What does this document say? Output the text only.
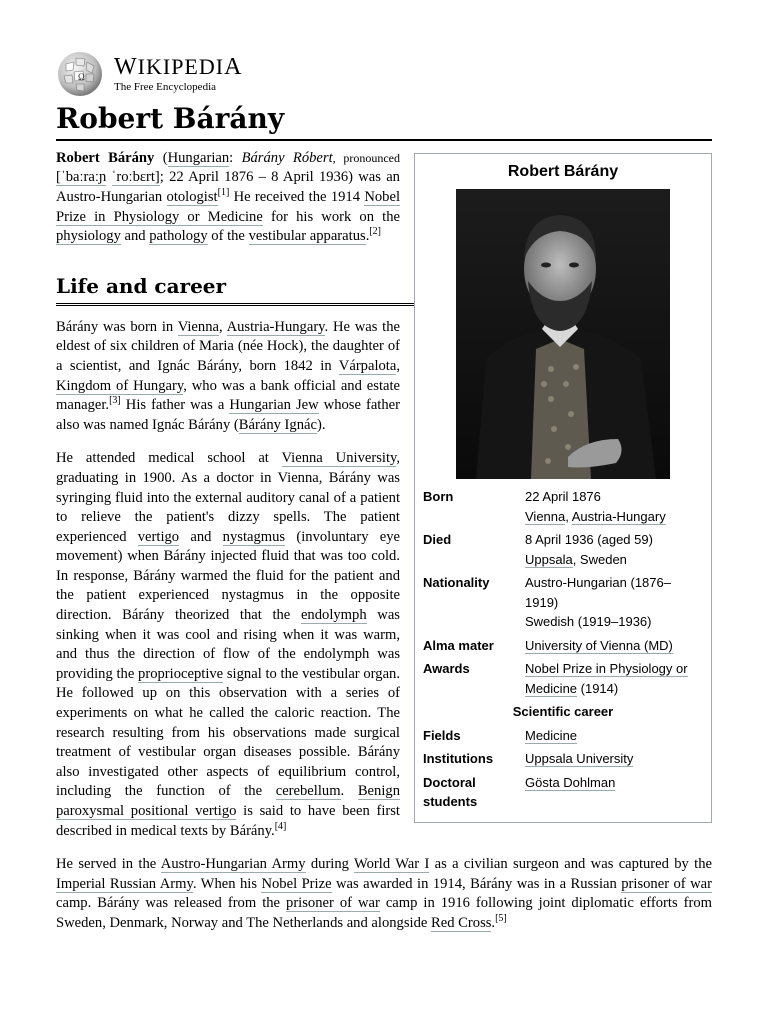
Ω WIKIPEDIA
The Free Encyclopedia
Robert Bárány
Robert Bárány
Born	22 April 1876
Vienna, Austria-Hungary
Died	8 April 1936 (aged 59)
Uppsala, Sweden
Nationality	Austro-Hungarian (1876–1919)
Swedish (1919–1936)
Alma mater	University of Vienna (MD)
Awards	Nobel Prize in Physiology or Medicine (1914)
Scientific career	
Fields	Medicine
Institutions	Uppsala University
Doctoral students	Gösta Dohlman

Robert Bárány (Hungarian: Bárány Róbert, pronounced [ˈbaːraːɲ ˈroːbɛrt]; 22 April 1876 – 8 April 1936) was an Austro-Hungarian otologist[1] He received the 1914 Nobel Prize in Physiology or Medicine for his work on the physiology and pathology of the vestibular apparatus.[2]

Life and career

Bárány was born in Vienna, Austria-Hungary. He was the eldest of six children of Maria (née Hock), the daughter of a scientist, and Ignác Bárány, born 1842 in Várpalota, Kingdom of Hungary, who was a bank official and estate manager.[3] His father was a Hungarian Jew whose father also was named Ignác Bárány (Bárány Ignác).

He attended medical school at Vienna University, graduating in 1900. As a doctor in Vienna, Bárány was syringing fluid into the external auditory canal of a patient to relieve the patient's dizzy spells. The patient experienced vertigo and nystagmus (involuntary eye movement) when Bárány injected fluid that was too cold. In response, Bárány warmed the fluid for the patient and the patient experienced nystagmus in the opposite direction. Bárány theorized that the endolymph was sinking when it was cool and rising when it was warm, and thus the direction of flow of the endolymph was providing the proprioceptive signal to the vestibular organ. He followed up on this observation with a series of experiments on what he called the caloric reaction. The research resulting from his observations made surgical treatment of vestibular organ diseases possible. Bárány also investigated other aspects of equilibrium control, including the function of the cerebellum. Benign paroxysmal positional vertigo is said to have been first described in medical texts by Bárány.[4]

He served in the Austro-Hungarian Army during World War I as a civilian surgeon and was captured by the Imperial Russian Army. When his Nobel Prize was awarded in 1914, Bárány was in a Russian prisoner of war camp. Bárány was released from the prisoner of war camp in 1916 following joint diplomatic efforts from Sweden, Denmark, Norway and The Netherlands and alongside Red Cross.[5]
